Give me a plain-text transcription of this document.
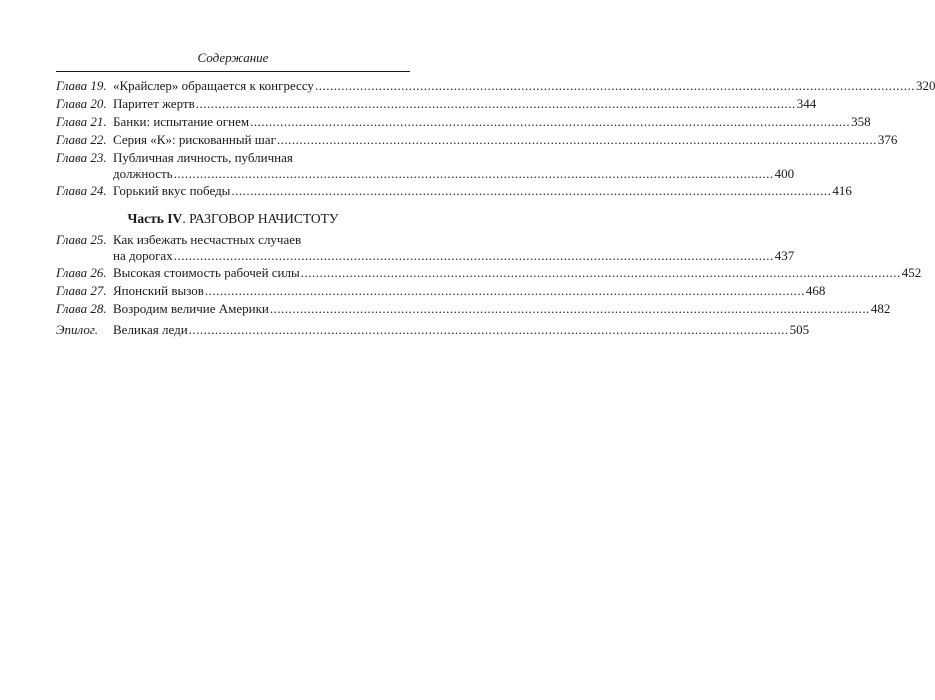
Содержание
Глава 19. «Крайслер» обращается к конгрессу ................................................................................................................................................................ 320
Глава 20. Паритет жертв ................................................................................................................................................................ 344
Глава 21. Банки: испытание огнем ................................................................................................................................................................ 358
Глава 22. Серия «К»: рискованный шаг ................................................................................................................................................................ 376
Глава 23. Публичная личность, публичная
должность ................................................................................................................................................................ 400
Глава 24. Горький вкус победы ................................................................................................................................................................ 416
Глава 25. Как избежать несчастных случаев
на дорогах ................................................................................................................................................................ 437
Глава 26. Высокая стоимость рабочей силы ................................................................................................................................................................ 452
Глава 27. Японский вызов ................................................................................................................................................................ 468
Глава 28. Возродим величие Америки ................................................................................................................................................................ 482
Эпилог. Великая леди ................................................................................................................................................................ 505
Часть IV. РАЗГОВОР НАЧИСТОТУ
